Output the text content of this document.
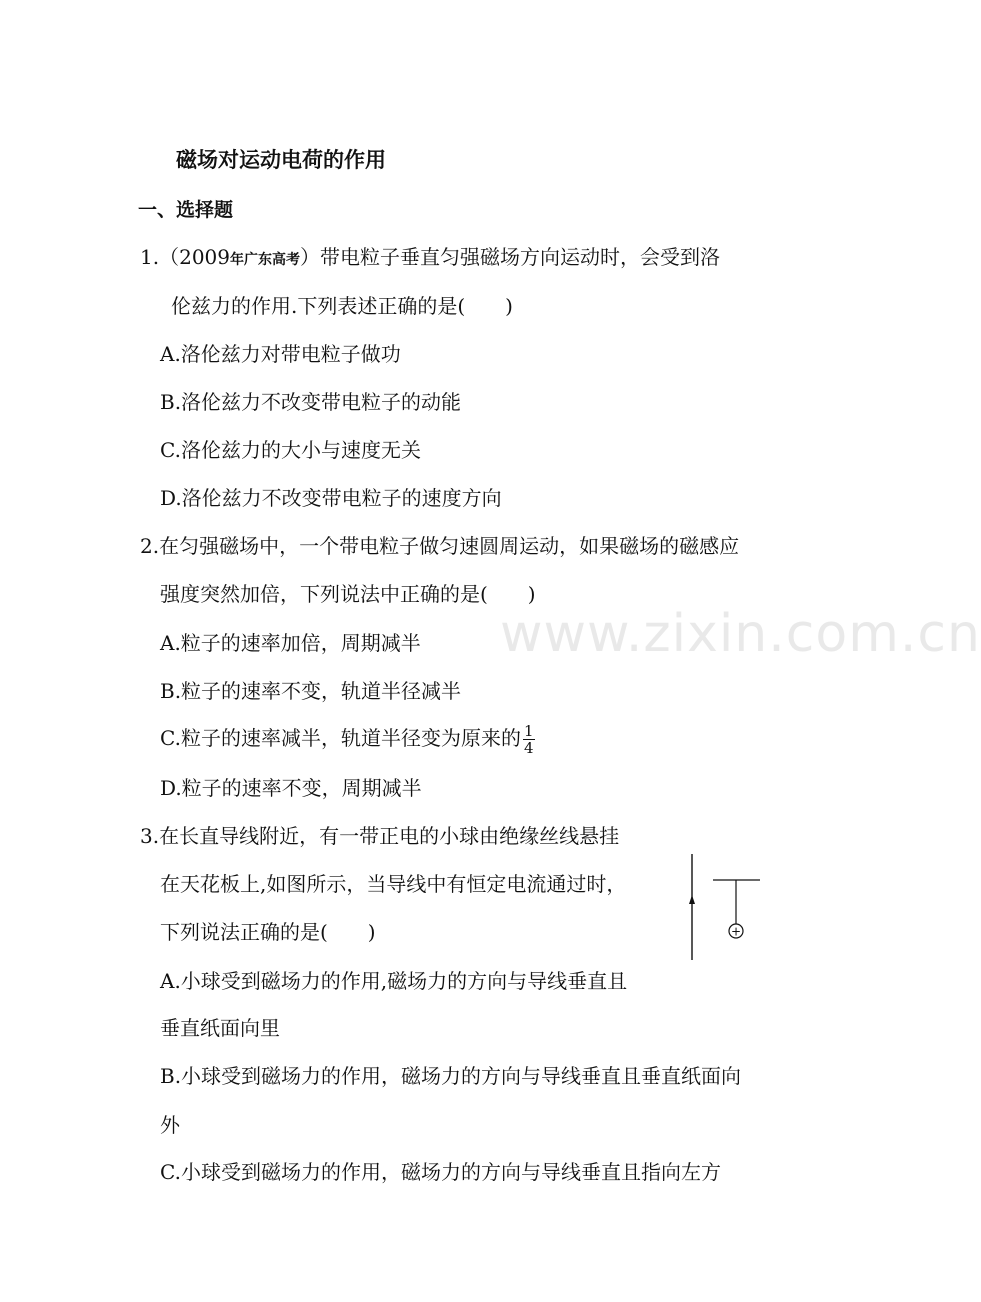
www.zixin.com.cn
磁场对运动电荷的作用
一、选择题
1.（2009年广东高考）带电粒子垂直匀强磁场方向运动时，会受到洛
伦兹力的作用.下列表述正确的是(　　)
A.洛伦兹力对带电粒子做功
B.洛伦兹力不改变带电粒子的动能
C.洛伦兹力的大小与速度无关
D.洛伦兹力不改变带电粒子的速度方向
2.在匀强磁场中，一个带电粒子做匀速圆周运动，如果磁场的磁感应
强度突然加倍，下列说法中正确的是(　　)
A.粒子的速率加倍，周期减半
B.粒子的速率不变，轨道半径减半
C.粒子的速率减半，轨道半径变为原来的 $\frac{1}{4}$
D.粒子的速率不变，周期减半
3.在长直导线附近，有一带正电的小球由绝缘丝线悬挂
在天花板上,如图所示，当导线中有恒定电流通过时，
下列说法正确的是(　　)	+
A.小球受到磁场力的作用,磁场力的方向与导线垂直且
垂直纸面向里
B.小球受到磁场力的作用，磁场力的方向与导线垂直且垂直纸面向
外
C.小球受到磁场力的作用，磁场力的方向与导线垂直且指向左方
